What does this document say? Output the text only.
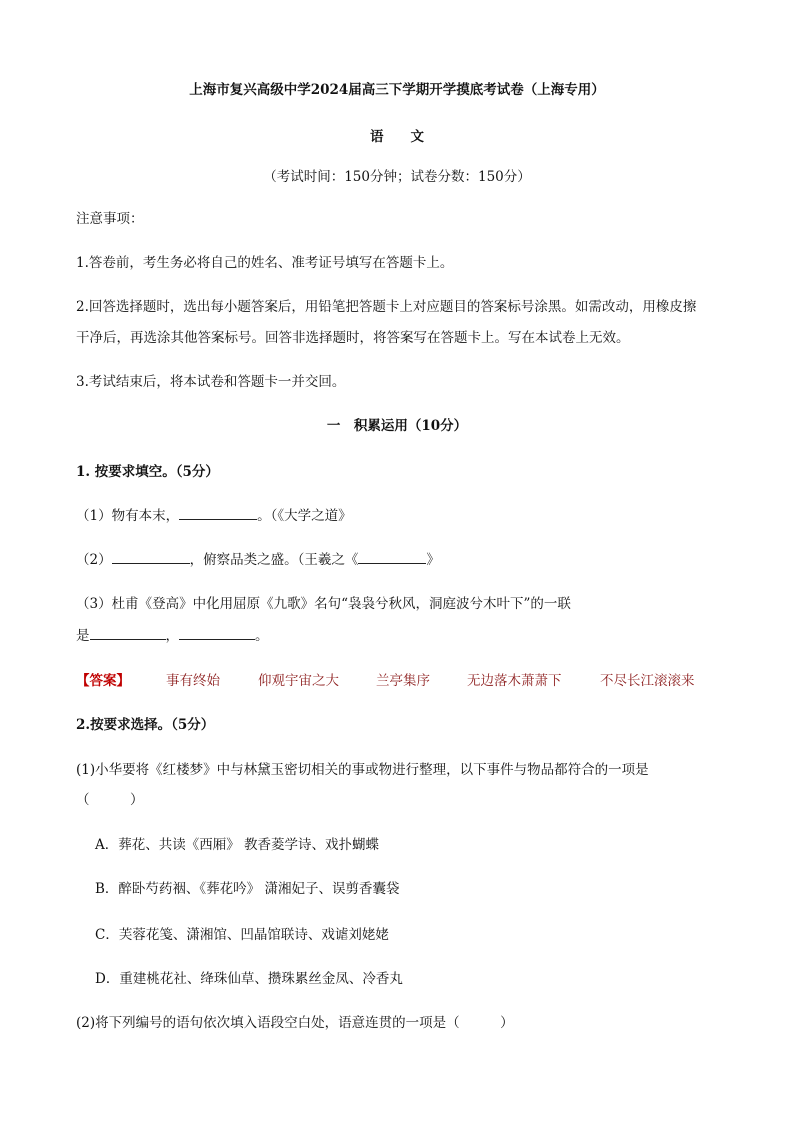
上海市复兴高级中学2024届高三下学期开学摸底考试卷（上海专用）
语　　文
（考试时间：150分钟；试卷分数：150分）
注意事项：
1.答卷前，考生务必将自己的姓名、准考证号填写在答题卡上。
2.回答选择题时，选出每小题答案后，用铅笔把答题卡上对应题目的答案标号涂黑。如需改动，用橡皮擦
干净后，再选涂其他答案标号。回答非选择题时，将答案写在答题卡上。写在本试卷上无效。
3.考试结束后，将本试卷和答题卡一并交回。
一　积累运用（10分）
1. 按要求填空。（5分）
（1）物有本末，	。（《大学之道》
（2）	，俯察品类之盛。（王羲之《	》
（3）杜甫《登高》中化用屈原《九歌》名句“袅袅兮秋风，洞庭波兮木叶下”的一联
是	，	。
【答案】	事有终始	仰观宇宙之大	兰亭集序	无边落木萧萧下	不尽长江滚滚来
2.按要求选择。（5分）
(1)小华要将《红楼梦》中与林黛玉密切相关的事或物进行整理，以下事件与物品都符合的一项是
（　　　）
A．葬花、共读《西厢》 教香菱学诗、戏扑蝴蝶
B．醉卧芍药裀、《葬花吟》 潇湘妃子、误剪香囊袋
C．芙蓉花笺、潇湘馆、凹晶馆联诗、戏谑刘姥姥
D．重建桃花社、绛珠仙草、攒珠累丝金凤、冷香丸
(2)将下列编号的语句依次填入语段空白处，语意连贯的一项是（　　　）
